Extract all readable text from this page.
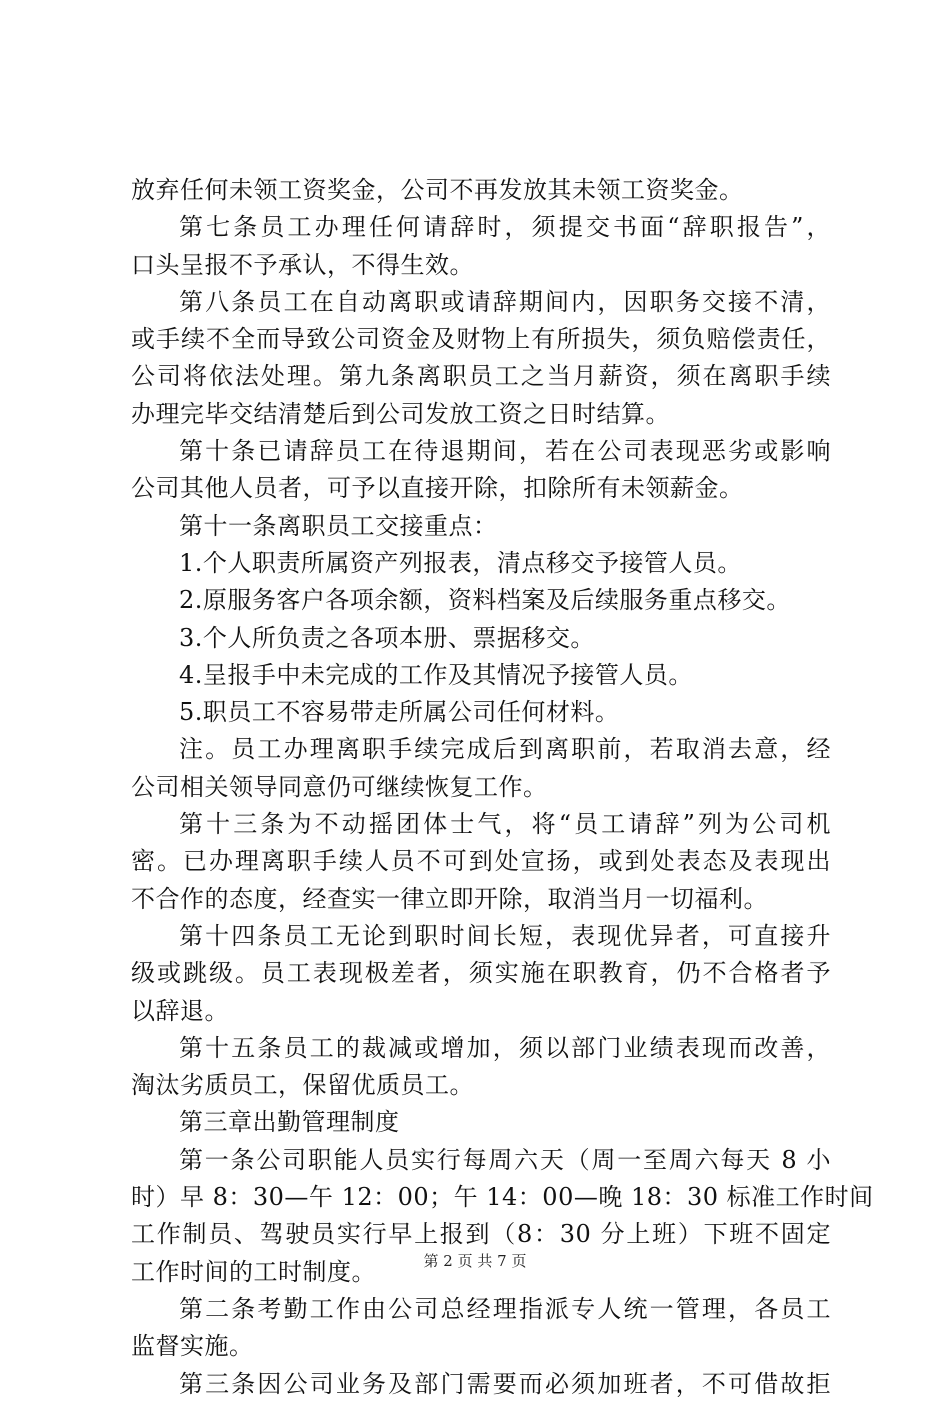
放弃任何未领工资奖金，公司不再发放其未领工资奖金。
第七条员工办理任何请辞时，须提交书面“辞职报告”，
口头呈报不予承认，不得生效。
第八条员工在自动离职或请辞期间内，因职务交接不清，
或手续不全而导致公司资金及财物上有所损失，须负赔偿责任，
公司将依法处理。第九条离职员工之当月薪资，须在离职手续
办理完毕交结清楚后到公司发放工资之日时结算。
第十条已请辞员工在待退期间，若在公司表现恶劣或影响
公司其他人员者，可予以直接开除，扣除所有未领薪金。
第十一条离职员工交接重点：
1.个人职责所属资产列报表，清点移交予接管人员。
2.原服务客户各项余额，资料档案及后续服务重点移交。
3.个人所负责之各项本册、票据移交。
4.呈报手中未完成的工作及其情况予接管人员。
5.职员工不容易带走所属公司任何材料。
注。员工办理离职手续完成后到离职前，若取消去意，经
公司相关领导同意仍可继续恢复工作。
第十三条为不动摇团体士气，将“员工请辞”列为公司机
密。已办理离职手续人员不可到处宣扬，或到处表态及表现出
不合作的态度，经查实一律立即开除，取消当月一切福利。
第十四条员工无论到职时间长短，表现优异者，可直接升
级或跳级。员工表现极差者，须实施在职教育，仍不合格者予
以辞退。
第十五条员工的裁减或增加，须以部门业绩表现而改善，
淘汰劣质员工，保留优质员工。
第三章出勤管理制度
第一条公司职能人员实行每周六天（周一至周六每天 8 小
时）早 8：30—午 12：00；午 14：00—晚 18：30 标准工作时间
工作制员、驾驶员实行早上报到（8：30 分上班）下班不固定
工作时间的工时制度。
第二条考勤工作由公司总经理指派专人统一管理，各员工
监督实施。
第三条因公司业务及部门需要而必须加班者，不可借故拒
第 2 页 共 7 页
